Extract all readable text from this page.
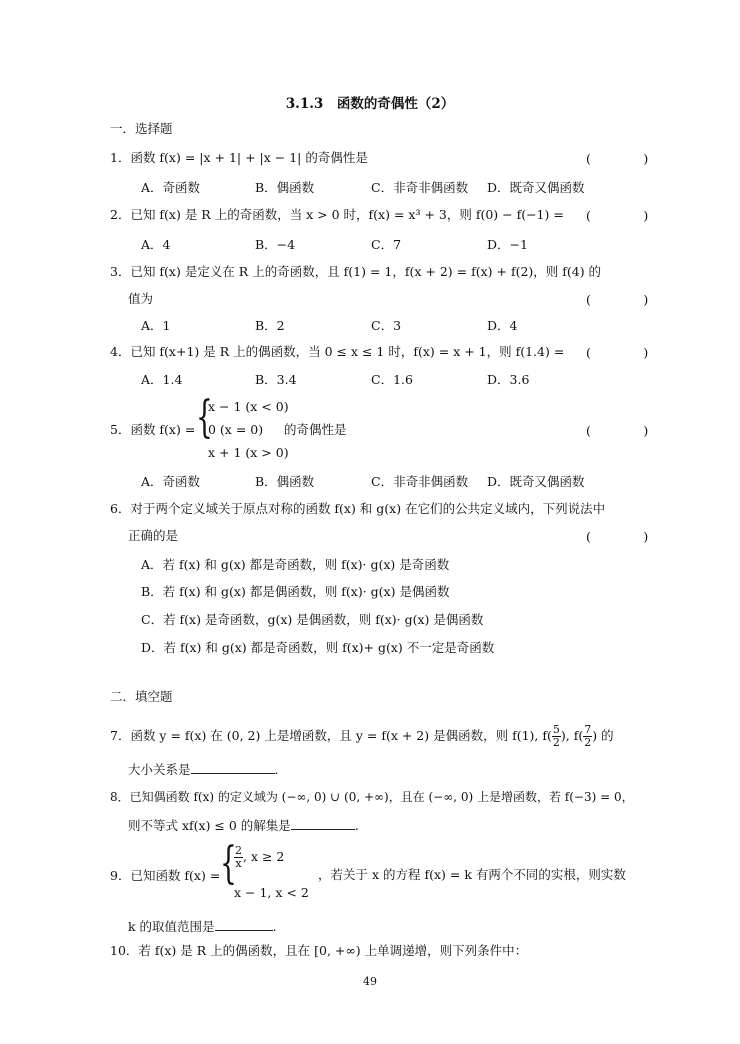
3.1.3　函数的奇偶性（2）
一．选择题
1．函数 f(x) = |x + 1| + |x − 1| 的奇偶性是	(　)
A．奇函数	B．偶函数	C．非奇非偶函数 D．既奇又偶函数
2．已知 f(x) 是 R 上的奇函数，当 x > 0 时，f(x) = x³ + 3，则 f(0) − f(−1) = (　)
A．4	B．−4	C．7	D．−1
3．已知 f(x) 是定义在 R 上的奇函数，且 f(1) = 1，f(x + 2) = f(x) + f(2)，则 f(4) 的
值为	(　)
A．1	B．2	C．3	D．4
4．已知 f(x+1) 是 R 上的偶函数，当 0 ≤ x ≤ 1 时，f(x) = x + 1，则 f(1.4) = (　)
A．1.4	B．3.4	C．1.6	D．3.6
5．函数 f(x) = {
x − 1 (x < 0)
0 (x = 0)
x + 1 (x > 0)
的奇偶性是	(　)
A．奇函数	B．偶函数	C．非奇非偶函数 D．既奇又偶函数
6．对于两个定义域关于原点对称的函数 f(x) 和 g(x) 在它们的公共定义域内，下列说法中
正确的是	(　)
A．若 f(x) 和 g(x) 都是奇函数，则 f(x)· g(x) 是奇函数
B．若 f(x) 和 g(x) 都是偶函数，则 f(x)· g(x) 是偶函数
C．若 f(x) 是奇函数，g(x) 是偶函数，则 f(x)· g(x) 是偶函数
D．若 f(x) 和 g(x) 都是奇函数，则 f(x)+ g(x) 不一定是奇函数
二．填空题
7．函数 y = f(x) 在 (0, 2) 上是增函数，且 y = f(x + 2) 是偶函数，则 f(1), $f( \frac{5}{2}$ ), $f( \frac{7}{2}$ ) 的
大小关系是	.
8．已知偶函数 f(x) 的定义域为 (−∞, 0) ∪ (0, +∞)，且在 (−∞, 0) 上是增函数，若 f(−3) = 0，
则不等式 xf(x) ≤ 0 的解集是	.
9．已知函数 f(x) = {
$\frac{2}{x}$ , x ≥ 2
x − 1, x < 2
，若关于 x 的方程 f(x) = k 有两个不同的实根，则实数
k 的取值范围是	.
10．若 f(x) 是 R 上的偶函数，且在 [0, +∞) 上单调递增，则下列条件中：
49
